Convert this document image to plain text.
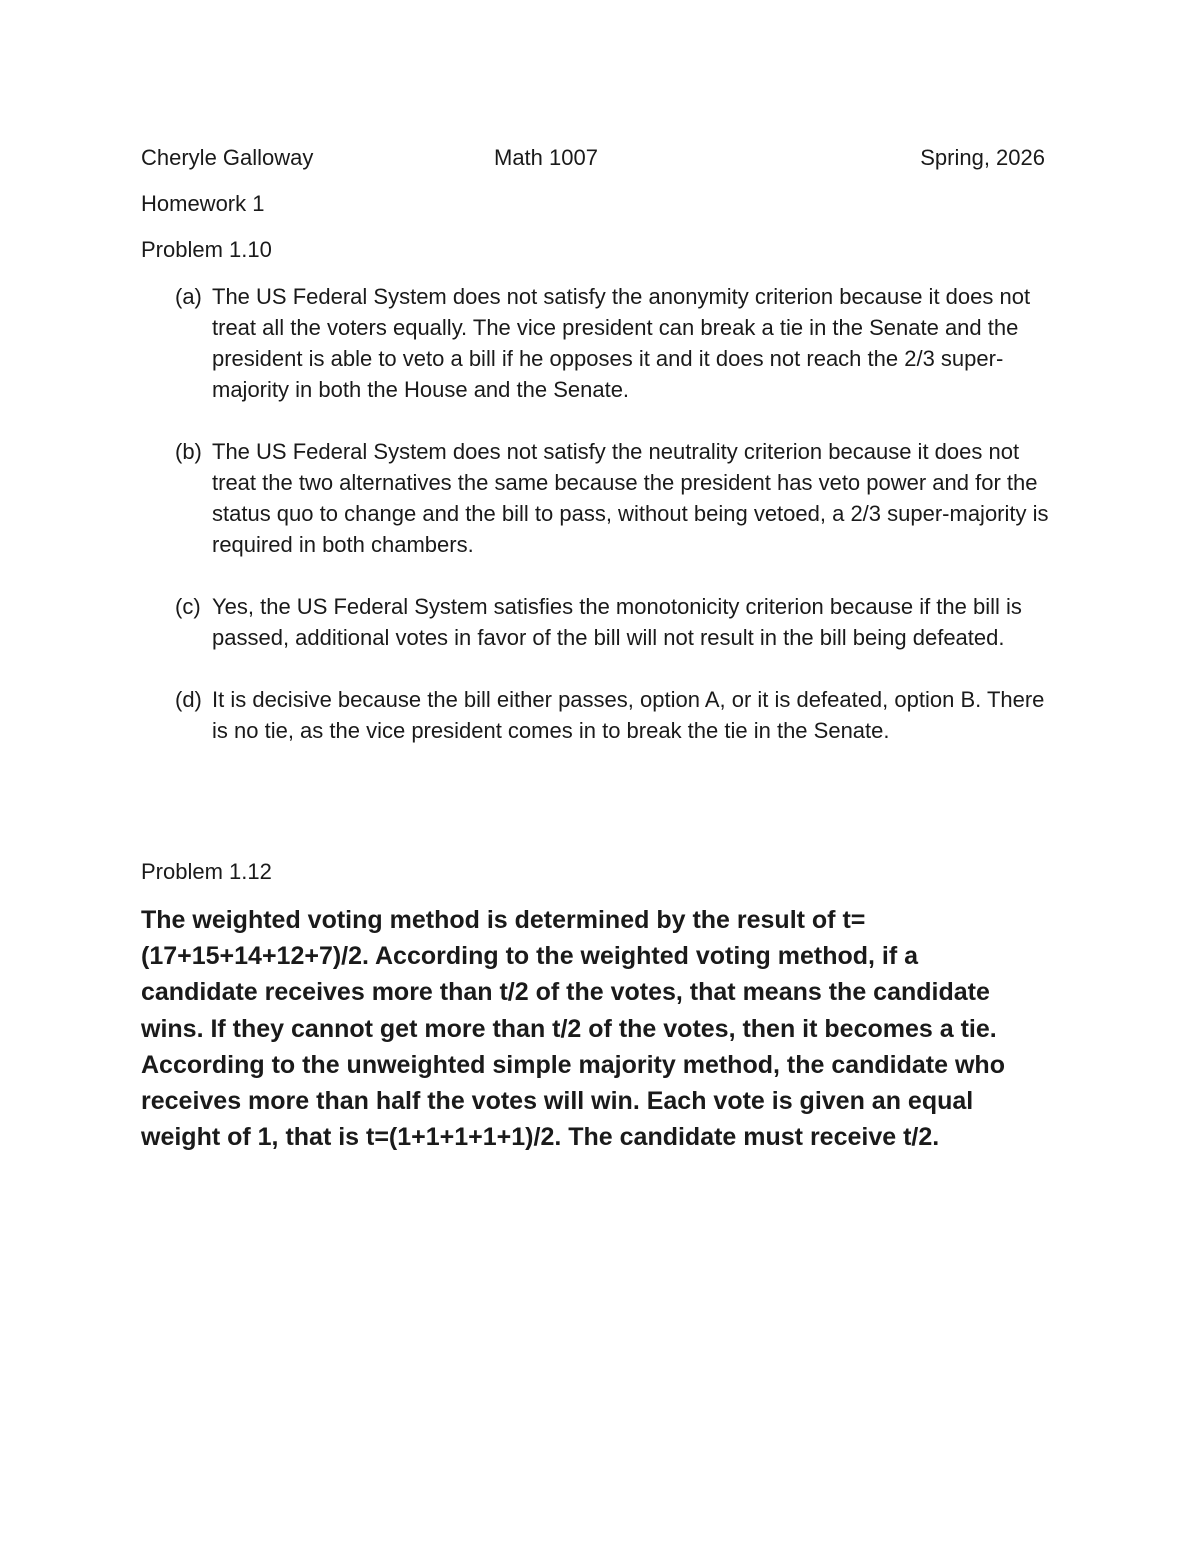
Cheryle Galloway	Math 1007	Spring, 2026
Homework 1
Problem 1.10
(a) The US Federal System does not satisfy the anonymity criterion because it does not treat all the voters equally. The vice president can break a tie in the Senate and the president is able to veto a bill if he opposes it and it does not reach the 2/3 super-majority in both the House and the Senate.
(b) The US Federal System does not satisfy the neutrality criterion because it does not treat the two alternatives the same because the president has veto power and for the status quo to change and the bill to pass, without being vetoed, a 2/3 super-majority is required in both chambers.
(c) Yes, the US Federal System satisfies the monotonicity criterion because if the bill is passed, additional votes in favor of the bill will not result in the bill being defeated.
(d) It is decisive because the bill either passes, option A, or it is defeated, option B. There is no tie, as the vice president comes in to break the tie in the Senate.
Problem 1.12

The weighted voting method is determined by the result of t=(17+15+14+12+7)/2. According to the weighted voting method, if a candidate receives more than t/2 of the votes, that means the candidate wins. If they cannot get more than t/2 of the votes, then it becomes a tie. According to the unweighted simple majority method, the candidate who receives more than half the votes will win. Each vote is given an equal weight of 1, that is t=(1+1+1+1+1)/2. The candidate must receive t/2.
